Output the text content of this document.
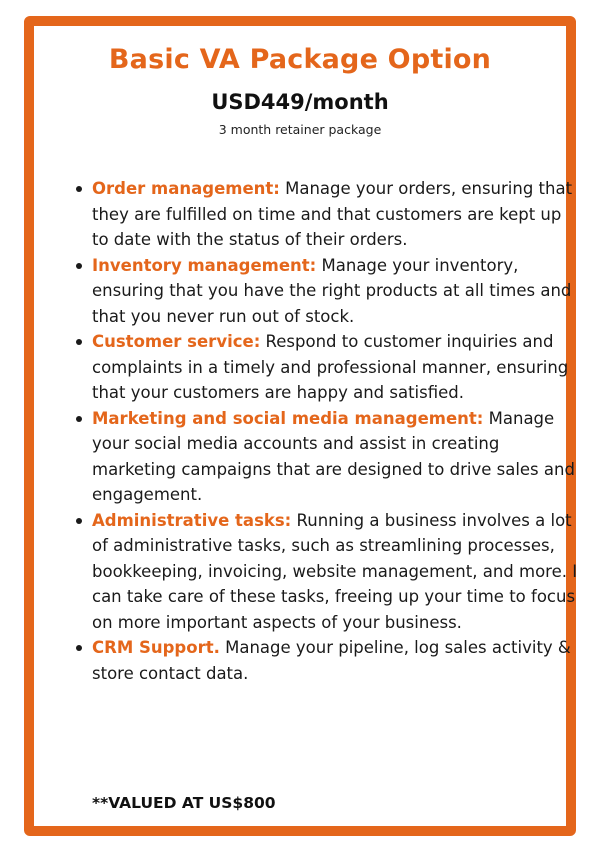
Basic VA Package Option
USD449/month
3 month retainer package
Order management: Manage your orders, ensuring that they are fulfilled on time and that customers are kept up to date with the status of their orders.
Inventory management: Manage your inventory, ensuring that you have the right products at all times and that you never run out of stock.
Customer service: Respond to customer inquiries and complaints in a timely and professional manner, ensuring that your customers are happy and satisfied.
Marketing and social media management: Manage your social media accounts and assist in creating marketing campaigns that are designed to drive sales and engagement.
Administrative tasks: Running a business involves a lot of administrative tasks, such as streamlining processes, bookkeeping, invoicing, website management, and more. I can take care of these tasks, freeing up your time to focus on more important aspects of your business.
CRM Support. Manage your pipeline, log sales activity & store contact data.
**VALUED AT US$800
